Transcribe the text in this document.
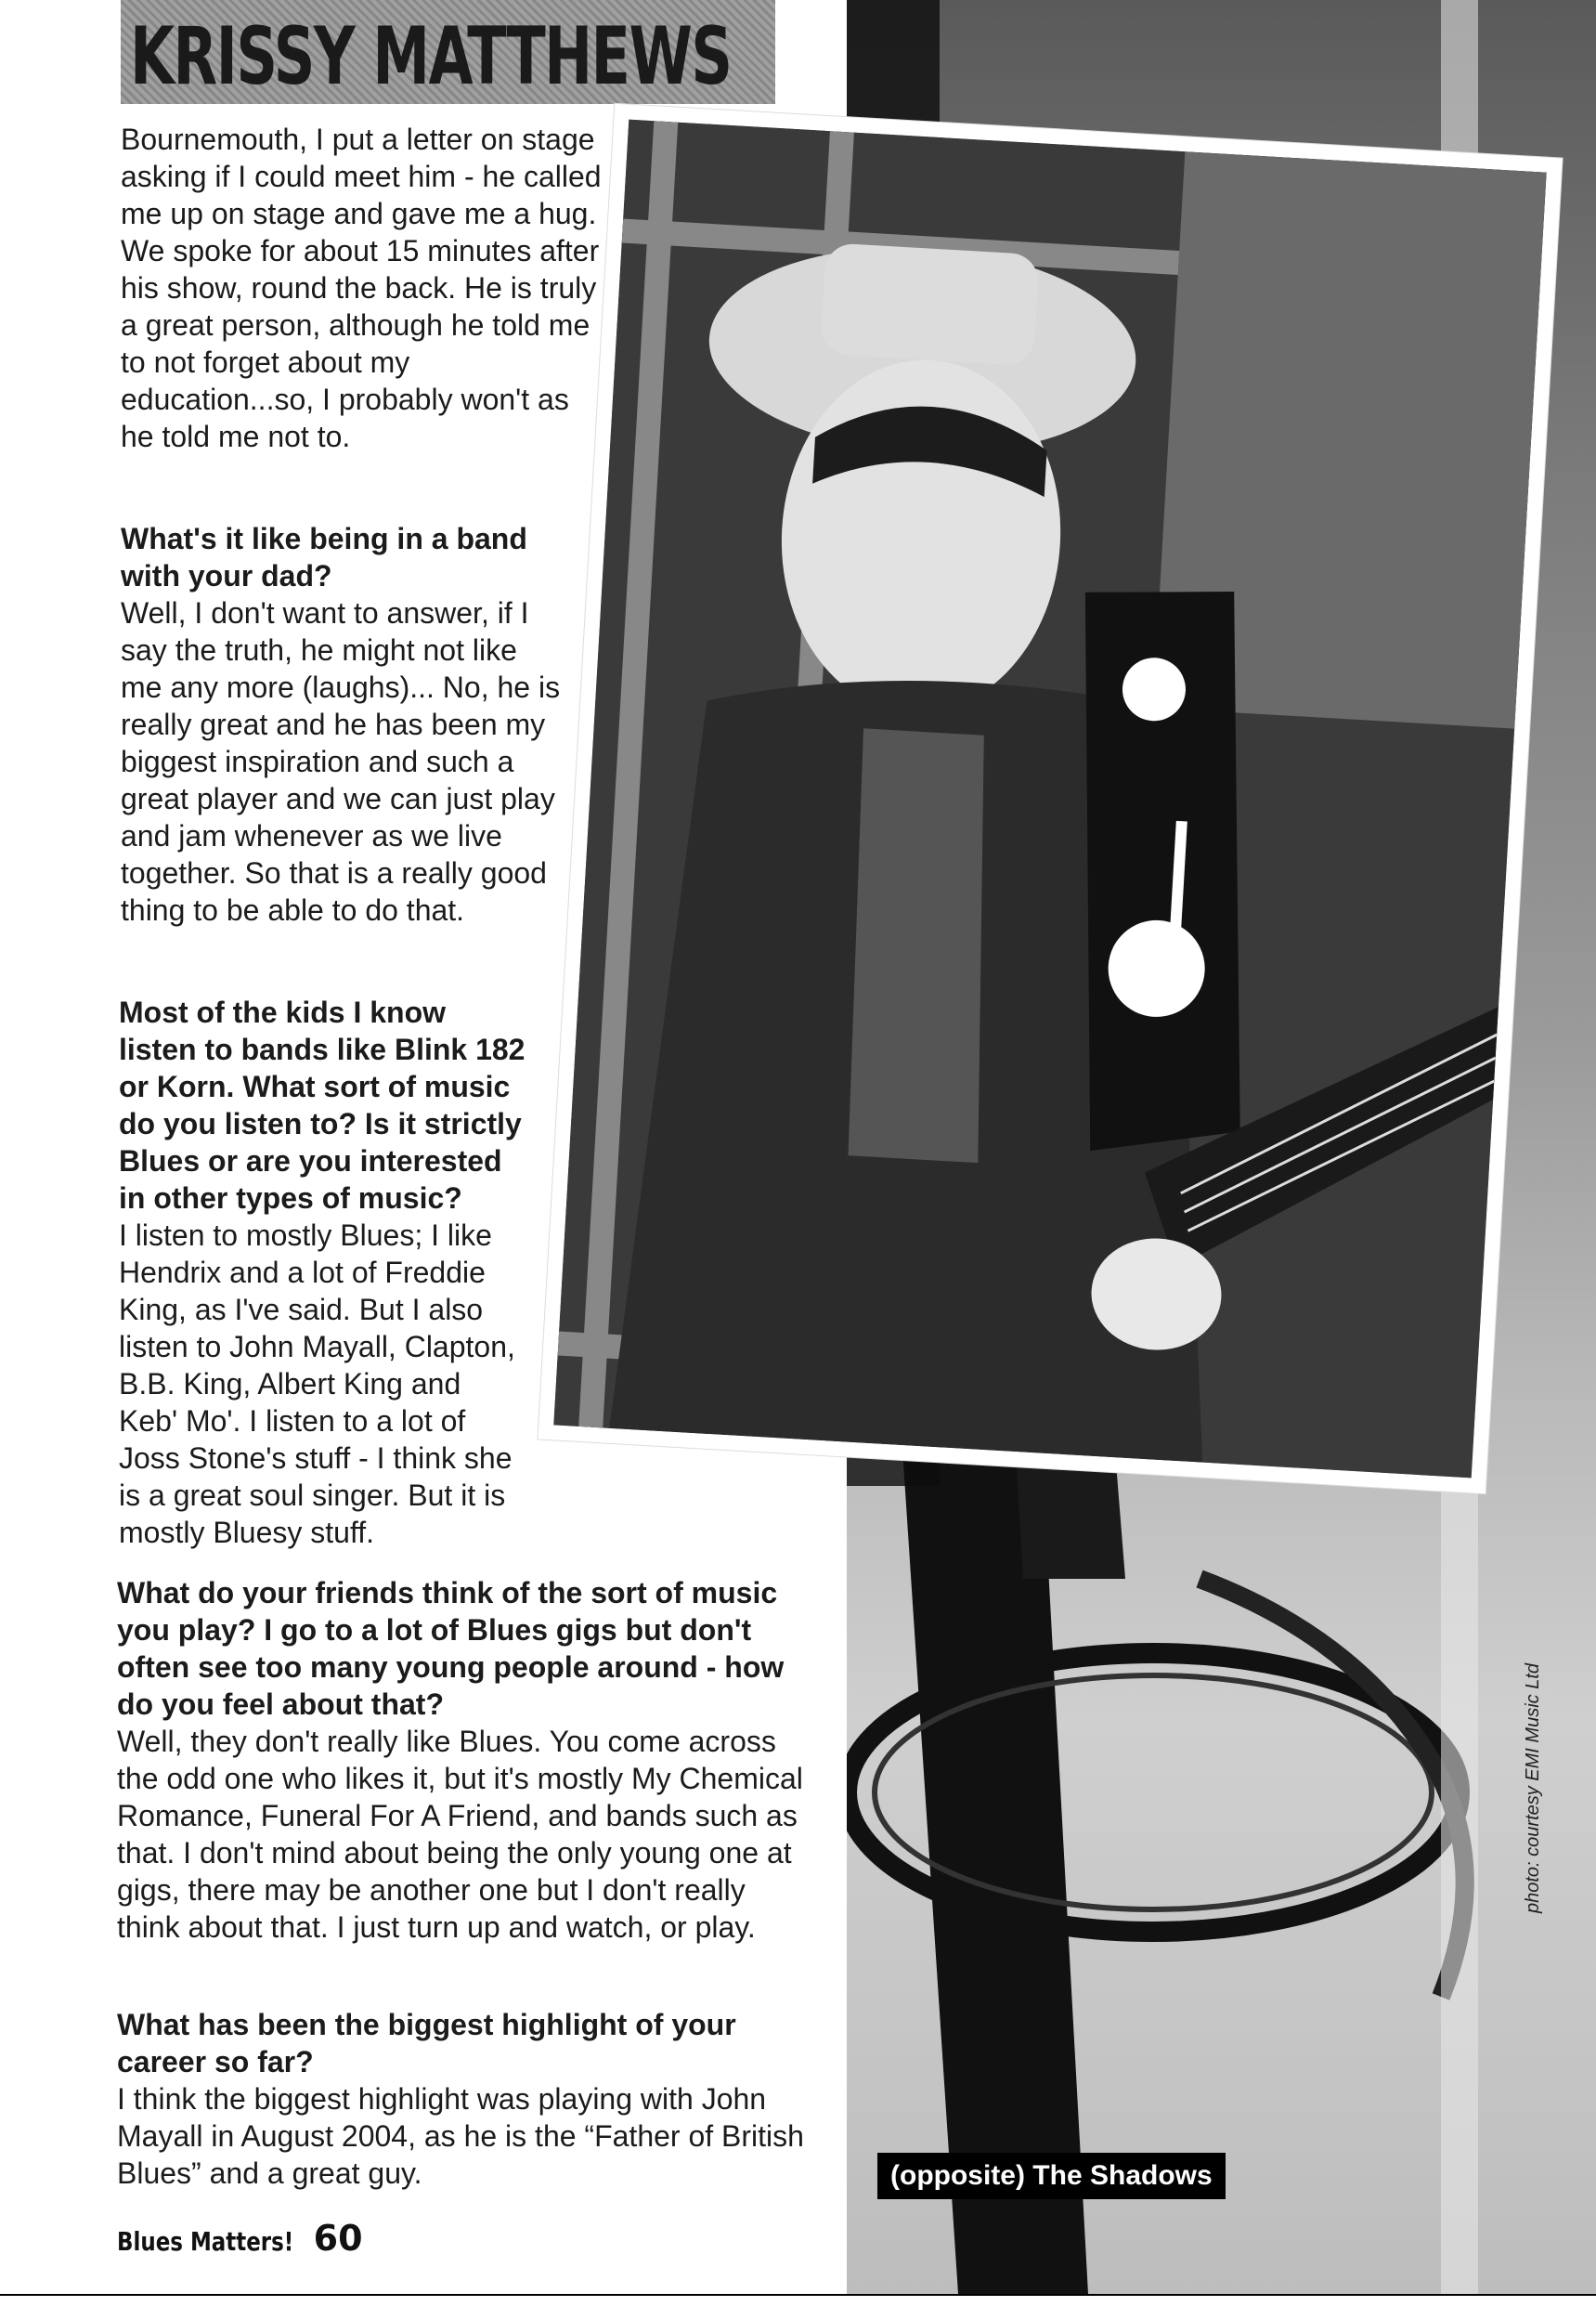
KRISSY MATTHEWS

Bournemouth, I put a letter on stage asking if I could meet him - he called me up on stage and gave me a hug. We spoke for about 15 minutes after his show, round the back. He is truly a great person, although he told me to not forget about my education...so, I probably won't as he told me not to.

What's it like being in a band with your dad?

Well, I don't want to answer, if I say the truth, he might not like me any more (laughs)... No, he is really great and he has been my biggest inspiration and such a great player and we can just play and jam whenever as we live together. So that is a really good thing to be able to do that.

Most of the kids I know listen to bands like Blink 182 or Korn. What sort of music do you listen to? Is it strictly Blues or are you interested in other types of music?

I listen to mostly Blues; I like Hendrix and a lot of Freddie King, as I've said. But I also listen to John Mayall, Clapton, B.B. King, Albert King and Keb' Mo'. I listen to a lot of Joss Stone's stuff - I think she is a great soul singer. But it is mostly Bluesy stuff.

What do your friends think of the sort of music you play? I go to a lot of Blues gigs but don't often see too many young people around - how do you feel about that?

Well, they don't really like Blues. You come across the odd one who likes it, but it's mostly My Chemical Romance, Funeral For A Friend, and bands such as that. I don't mind about being the only young one at gigs, there may be another one but I don't really think about that. I just turn up and watch, or play.

What has been the biggest highlight of your career so far?

I think the biggest highlight was playing with John Mayall in August 2004, as he is the “Father of British Blues” and a great guy.	(opposite) The Shadows
photo: courtesy EMI Music Ltd
Blues Matters! 60
